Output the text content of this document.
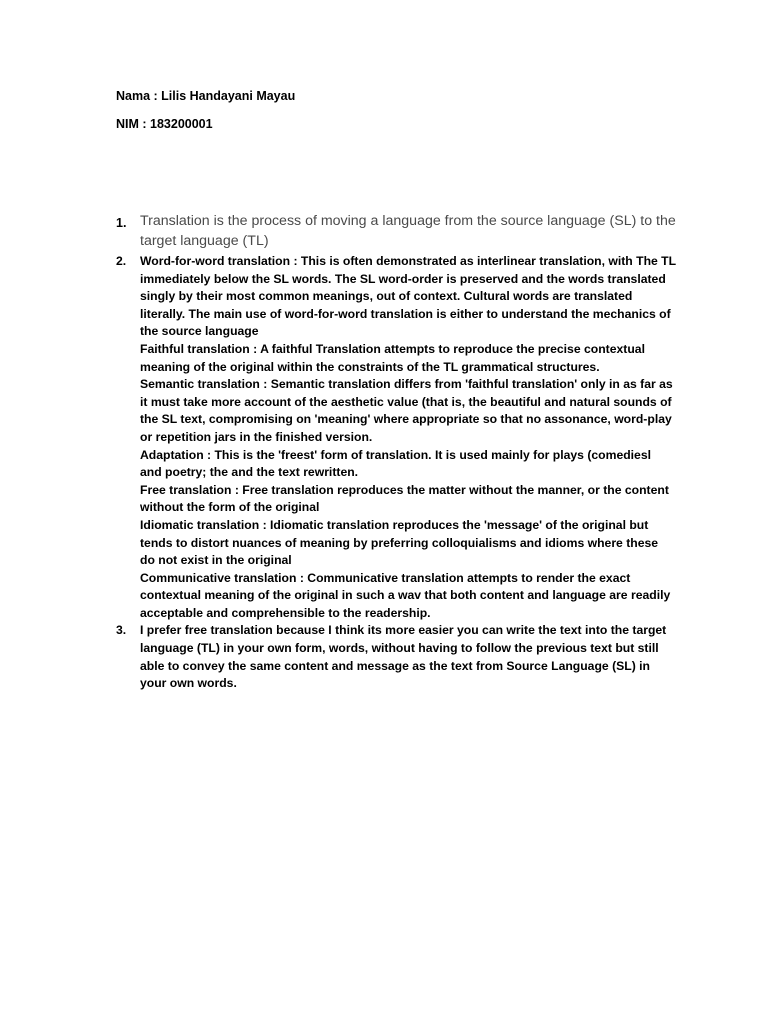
Nama : Lilis Handayani Mayau
NIM : 183200001
1. Translation is the process of moving a language from the source language (SL) to the target language (TL)
2. Word-for-word translation : This is often demonstrated as interlinear translation, with The TL immediately below the SL words. The SL word-order is preserved and the words translated singly by their most common meanings, out of context. Cultural words are translated literally. The main use of word-for-word translation is either to understand the mechanics of the source language
Faithful translation : A faithful Translation attempts to reproduce the precise contextual meaning of the original within the constraints of the TL grammatical structures.
Semantic translation : Semantic translation differs from 'faithful translation' only in as far as it must take more account of the aesthetic value (that is, the beautiful and natural sounds of the SL text, compromising on 'meaning' where appropriate so that no assonance, word-play or repetition jars in the finished version.
Adaptation : This is the 'freest' form of translation. It is used mainly for plays (comediesl and poetry; the and the text rewritten.
Free translation : Free translation reproduces the matter without the manner, or the content without the form of the original
Idiomatic translation : Idiomatic translation reproduces the 'message' of the original but tends to distort nuances of meaning by preferring colloquialisms and idioms where these do not exist in the original
Communicative translation : Communicative translation attempts to render the exact contextual meaning of the original in such a wav that both content and language are readily acceptable and comprehensible to the readership.
3. I prefer free translation because I think its more easier you can write the text into the target language (TL) in your own form, words, without having to follow the previous text but still able to convey the same content and message as the text from Source Language (SL) in your own words.
